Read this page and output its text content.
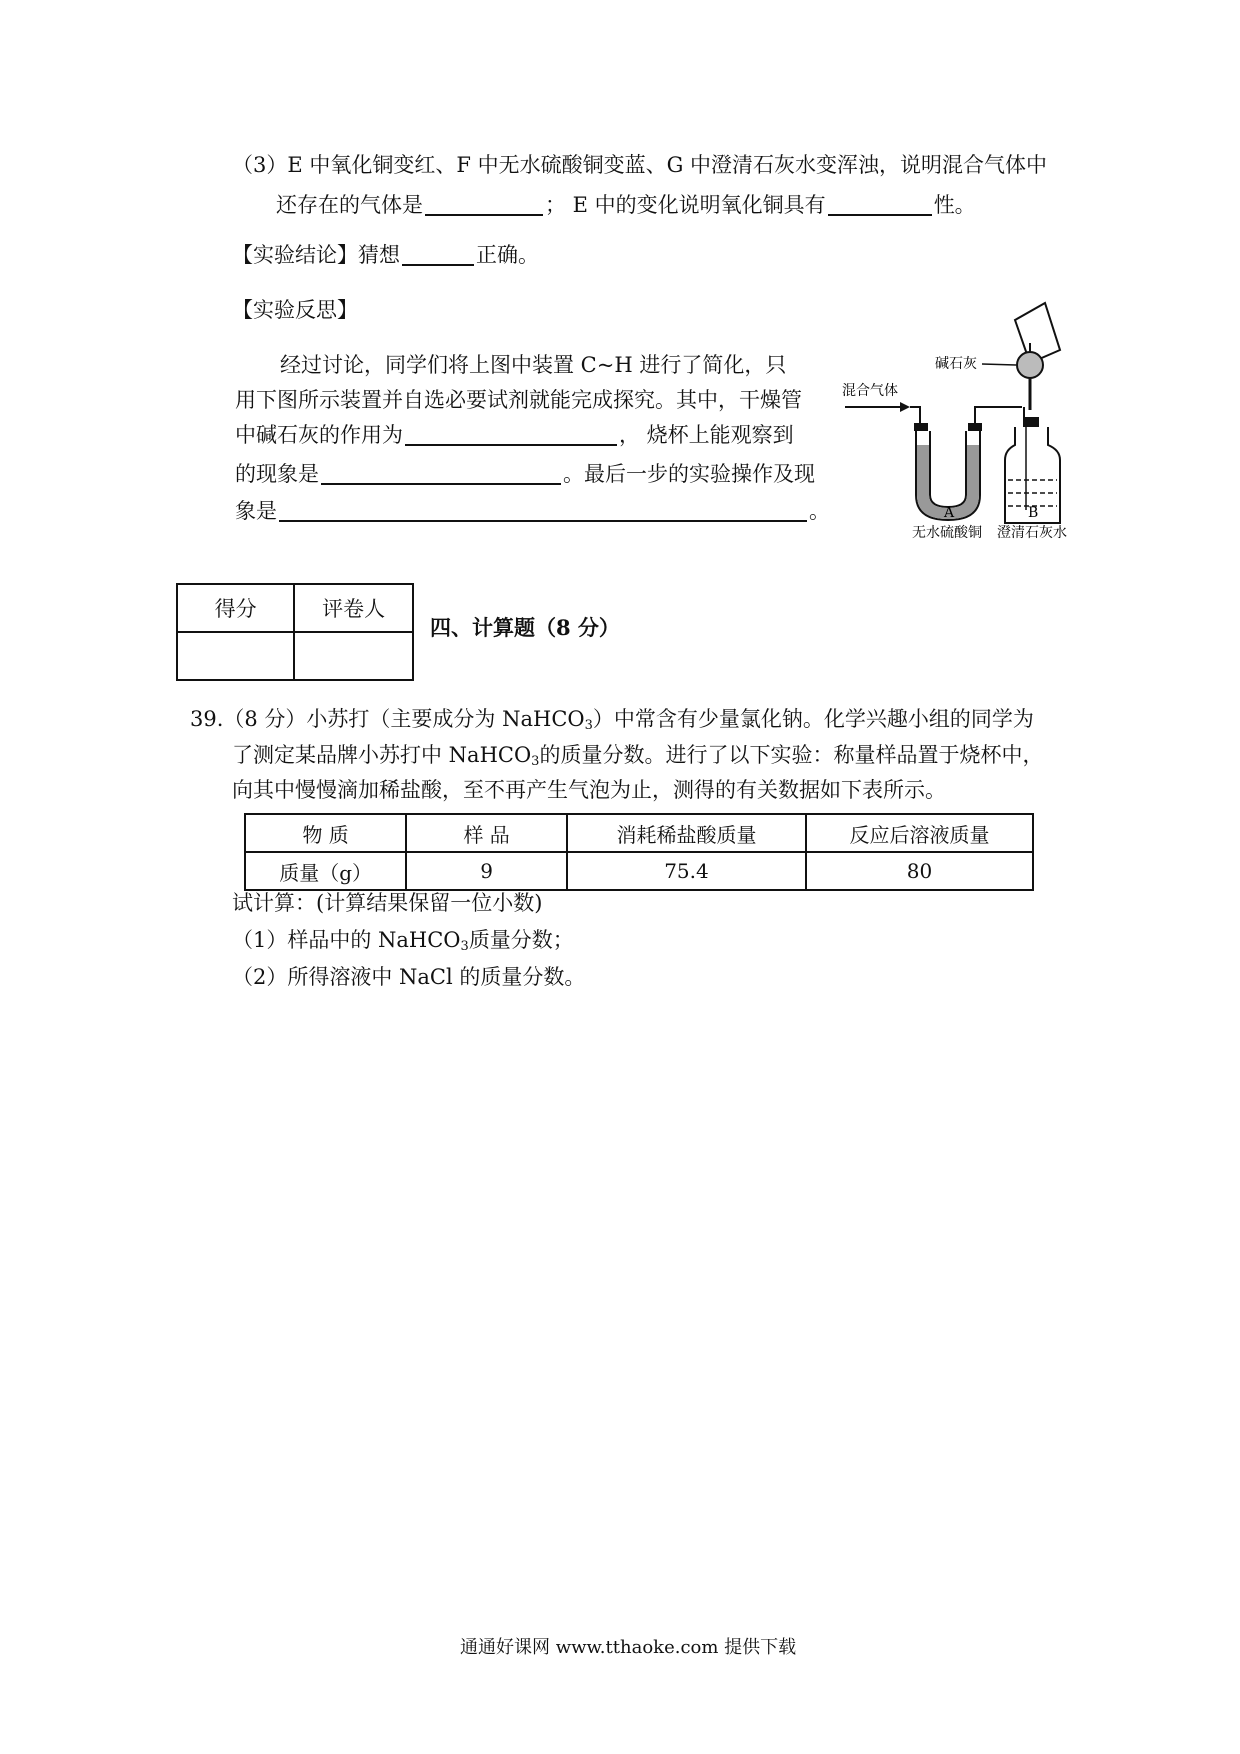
（3）E 中氧化铜变红、F 中无水硫酸铜变蓝、G 中澄清石灰水变浑浊，说明混合气体中
还存在的气体是	； E 中的变化说明氧化铜具有	性。
【实验结论】猜想	正确。
【实验反思】
经过讨论，同学们将上图中装置 C~H 进行了简化，只
用下图所示装置并自选必要试剂就能完成探究。其中，干燥管
中碱石灰的作用为	， 烧杯上能观察到
的现象是	。最后一步的实验操作及现
象是	。
碱石灰
混合气体
A	B
无水硫酸铜 澄清石灰水
得分	评卷人

四、计算题（8 分）
39.（8 分）小苏打（主要成分为 NaHCO$_3$）中常含有少量氯化钠。化学兴趣小组的同学为
了测定某品牌小苏打中 NaHCO$_3$的质量分数。进行了以下实验：称量样品置于烧杯中，
向其中慢慢滴加稀盐酸，至不再产生气泡为止，测得的有关数据如下表所示。
物 质	样 品	消耗稀盐酸质量	反应后溶液质量
质量（g）	9	75.4	80
试计算：(计算结果保留一位小数)
（1）样品中的 NaHCO$_3$质量分数；
（2）所得溶液中 NaCl 的质量分数。
通通好课网 www.tthaoke.com 提供下载
